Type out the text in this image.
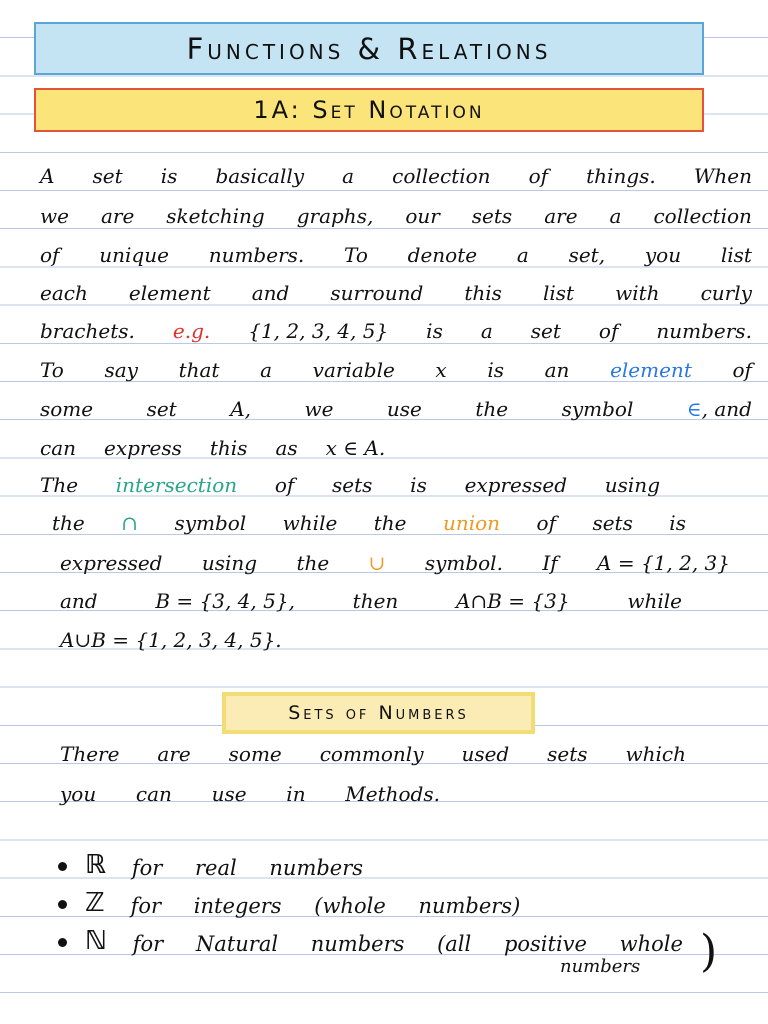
Functions & Relations
1A: Set Notation
A set is basically a collection of things. When
we are sketching graphs, our sets are a collection
of unique numbers. To denote a set, you list
each element and surround this list with curly
brachets. e.g. {1, 2, 3, 4, 5} is a set of numbers.
To say that a variable x is an element of
some	set	A,	we	use	the	symbol	∈, and
can express this as x ∈ A.
The intersection of sets is expressed using
the ∩ symbol while the union of sets is
expressed using the ∪ symbol. If A = {1, 2, 3}
and	B = {3, 4, 5},	then	A∩B = {3}	while
A∪B = {1, 2, 3, 4, 5}.
Sets of Numbers
There are some commonly used sets which
you can use in Methods.
ℝ for real numbers
ℤ for integers (whole numbers)
ℕ for Natural numbers (all positive whole )
numbers
